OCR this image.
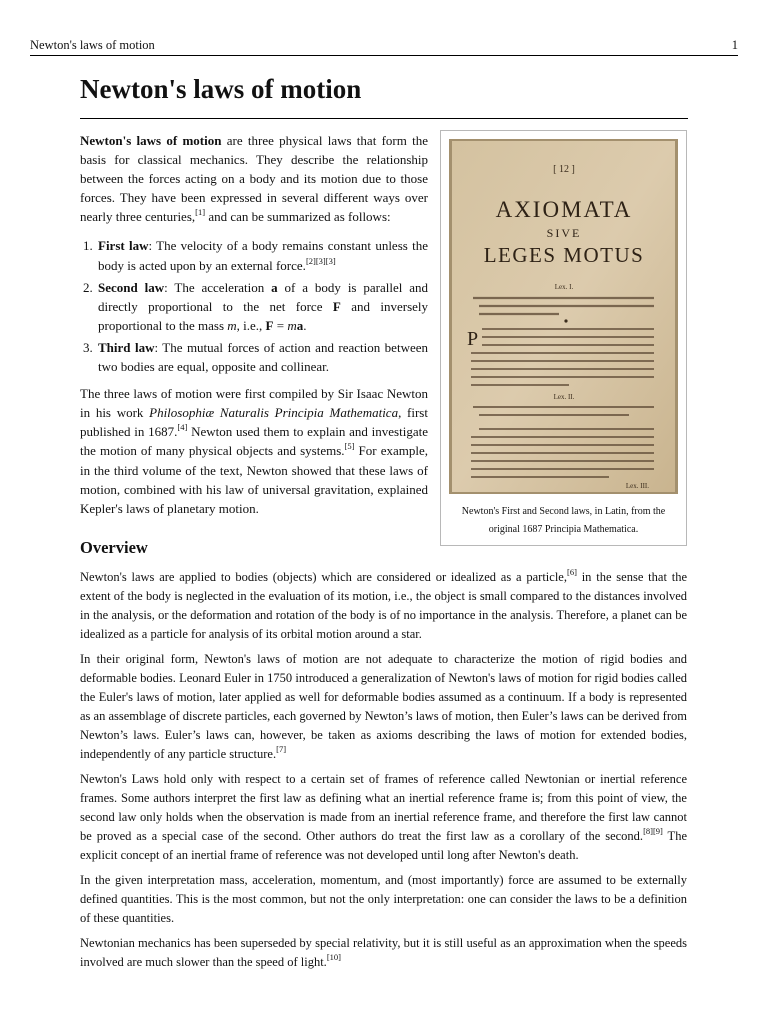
Newton's laws of motion	1
Newton's laws of motion

Newton's laws of motion are three physical laws that form the basis for classical mechanics. They describe the relationship between the forces acting on a body and its motion due to those forces. They have been expressed in several different ways over nearly three centuries,[1] and can be summarized as follows:

1. First law: The velocity of a body remains constant unless the body is acted upon by an external force.[2][3][3]
2. Second law: The acceleration a of a body is parallel and directly proportional to the net force F and inversely proportional to the mass m, i.e., F = ma.
3. Third law: The mutual forces of action and reaction between two bodies are equal, opposite and collinear.

The three laws of motion were first compiled by Sir Isaac Newton in his work Philosophiæ Naturalis Principia Mathematica, first published in 1687.[4] Newton used them to explain and investigate the motion of many physical objects and systems.[5] For example, in the third volume of the text, Newton showed that these laws of motion, combined with his law of universal gravitation, explained Kepler's laws of planetary motion.

[ 12 ]
AXIOMATA
SIVE
LEGES MOTUS
Lex. I.
P
Lex. II.
Lex. III.
Newton's First and Second laws, in Latin, from the original 1687 Principia Mathematica.
Overview

Newton's laws are applied to bodies (objects) which are considered or idealized as a particle,[6] in the sense that the extent of the body is neglected in the evaluation of its motion, i.e., the object is small compared to the distances involved in the analysis, or the deformation and rotation of the body is of no importance in the analysis. Therefore, a planet can be idealized as a particle for analysis of its orbital motion around a star.

In their original form, Newton's laws of motion are not adequate to characterize the motion of rigid bodies and deformable bodies. Leonard Euler in 1750 introduced a generalization of Newton's laws of motion for rigid bodies called the Euler's laws of motion, later applied as well for deformable bodies assumed as a continuum. If a body is represented as an assemblage of discrete particles, each governed by Newton’s laws of motion, then Euler’s laws can be derived from Newton’s laws. Euler’s laws can, however, be taken as axioms describing the laws of motion for extended bodies, independently of any particle structure.[7]

Newton's Laws hold only with respect to a certain set of frames of reference called Newtonian or inertial reference frames. Some authors interpret the first law as defining what an inertial reference frame is; from this point of view, the second law only holds when the observation is made from an inertial reference frame, and therefore the first law cannot be proved as a special case of the second. Other authors do treat the first law as a corollary of the second.[8][9] The explicit concept of an inertial frame of reference was not developed until long after Newton's death.

In the given interpretation mass, acceleration, momentum, and (most importantly) force are assumed to be externally defined quantities. This is the most common, but not the only interpretation: one can consider the laws to be a definition of these quantities.

Newtonian mechanics has been superseded by special relativity, but it is still useful as an approximation when the speeds involved are much slower than the speed of light.[10]
